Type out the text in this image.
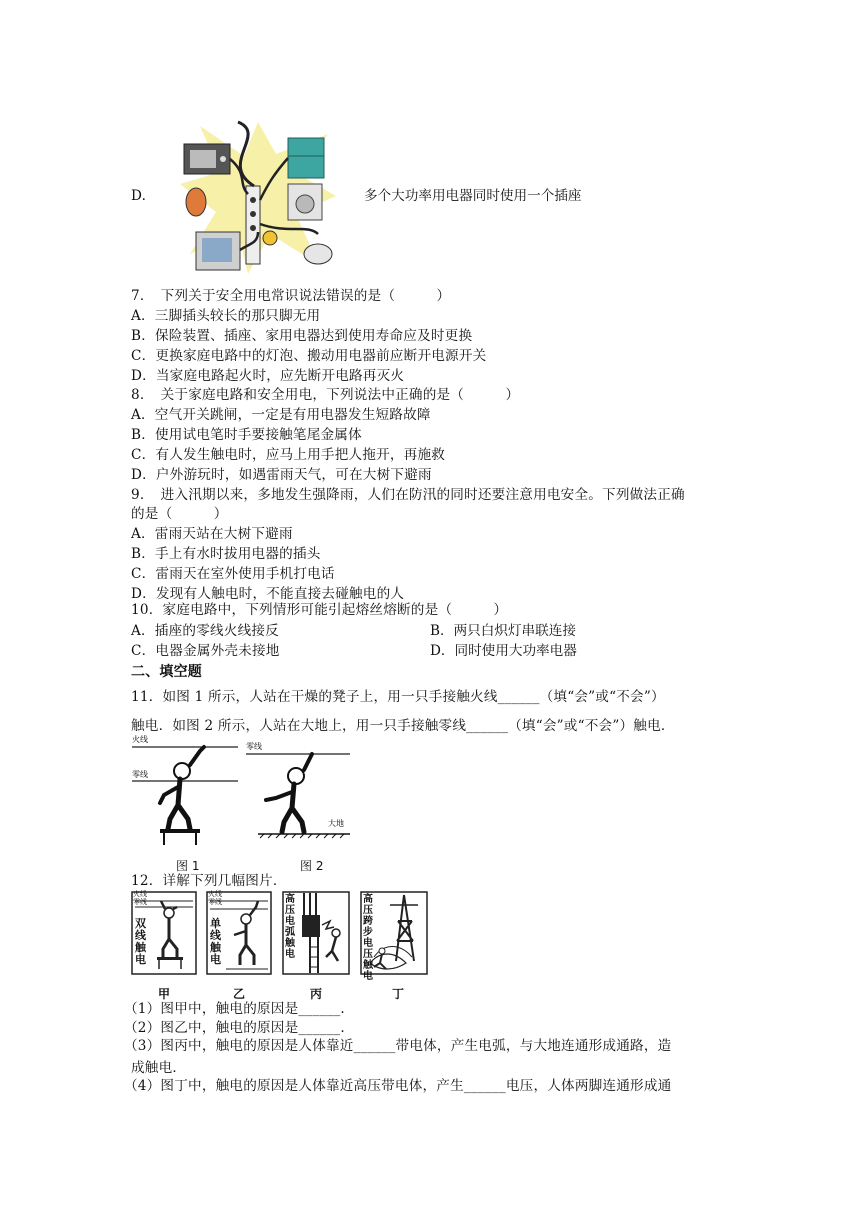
D.	多个大功率用电器同时使用一个插座
7．　下列关于安全用电常识说法错误的是（　　　）
A．三脚插头较长的那只脚无用
B．保险装置、插座、家用电器达到使用寿命应及时更换
C．更换家庭电路中的灯泡、搬动用电器前应断开电源开关
D．当家庭电路起火时，应先断开电路再灭火
8．　关于家庭电路和安全用电，下列说法中正确的是（　　　）
A．空气开关跳闸，一定是有用电器发生短路故障
B．使用试电笔时手要接触笔尾金属体
C．有人发生触电时，应马上用手把人拖开，再施救
D．户外游玩时，如遇雷雨天气，可在大树下避雨
9．　进入汛期以来，多地发生强降雨，人们在防汛的同时还要注意用电安全。下列做法正确
的是（　　　）
A．雷雨天站在大树下避雨
B．手上有水时拔用电器的插头
C．雷雨天在室外使用手机打电话
D．发现有人触电时，不能直接去碰触电的人
10．家庭电路中，下列情形可能引起熔丝熔断的是（　　　）
A．插座的零线火线接反	B．两只白炽灯串联连接
C．电器金属外壳未接地	D．同时使用大功率电器
二、填空题
11．如图 1 所示，人站在干燥的凳子上，用一只手接触火线______（填“会”或“不会”）
触电．如图 2 所示，人站在大地上，用一只手接触零线______（填“会”或“不会”）触电．
火线
零线
图 1
零线
大地
图 2
12．详解下列几幅图片．
火线 零线
双线触电
甲
火线 零线
单线触电
乙
高压电弧触电
丙
高压跨步电压触电
丁
（1）图甲中，触电的原因是______.
（2）图乙中，触电的原因是______.
（3）图丙中，触电的原因是人体靠近______带电体，产生电弧，与大地连通形成通路，造
成触电．
（4）图丁中，触电的原因是人体靠近高压带电体，产生______电压，人体两脚连通形成通
